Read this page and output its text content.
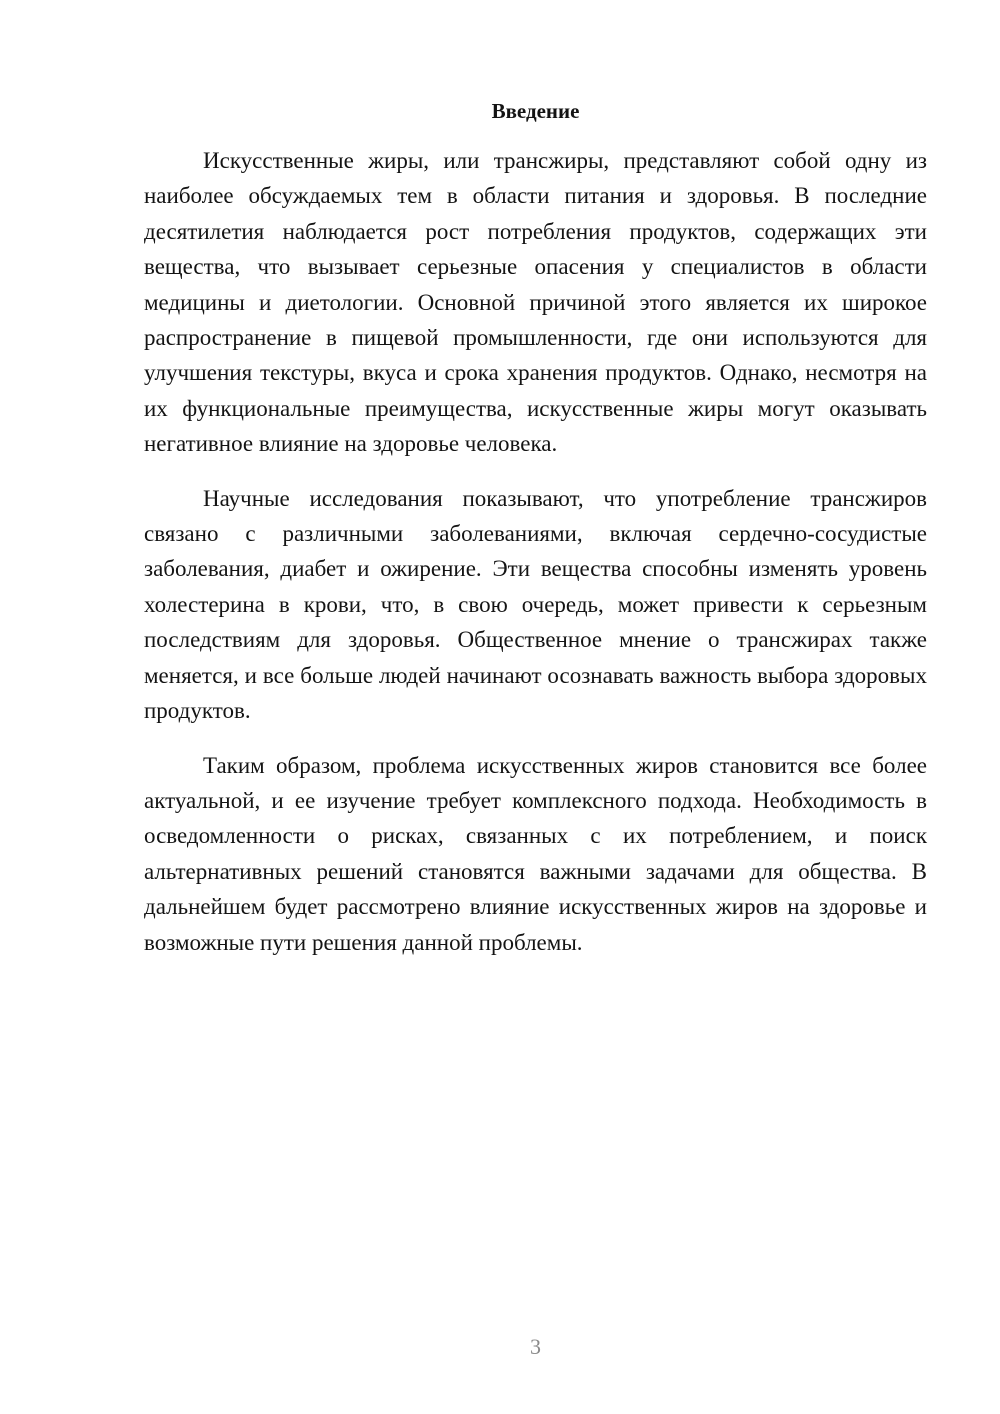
Введение

Искусственные жиры, или трансжиры, представляют собой одну из наиболее обсуждаемых тем в области питания и здоровья. В последние десятилетия наблюдается рост потребления продуктов, содержащих эти вещества, что вызывает серьезные опасения у специалистов в области медицины и диетологии. Основной причиной этого является их широкое распространение в пищевой промышленности, где они используются для улучшения текстуры, вкуса и срока хранения продуктов. Однако, несмотря на их функциональные преимущества, искусственные жиры могут оказывать негативное влияние на здоровье человека.

Научные исследования показывают, что употребление трансжиров связано с различными заболеваниями, включая сердечно-сосудистые заболевания, диабет и ожирение. Эти вещества способны изменять уровень холестерина в крови, что, в свою очередь, может привести к серьезным последствиям для здоровья. Общественное мнение о трансжирах также меняется, и все больше людей начинают осознавать важность выбора здоровых продуктов.

Таким образом, проблема искусственных жиров становится все более актуальной, и ее изучение требует комплексного подхода. Необходимость в осведомленности о рисках, связанных с их потреблением, и поиск альтернативных решений становятся важными задачами для общества. В дальнейшем будет рассмотрено влияние искусственных жиров на здоровье и возможные пути решения данной проблемы.

3
